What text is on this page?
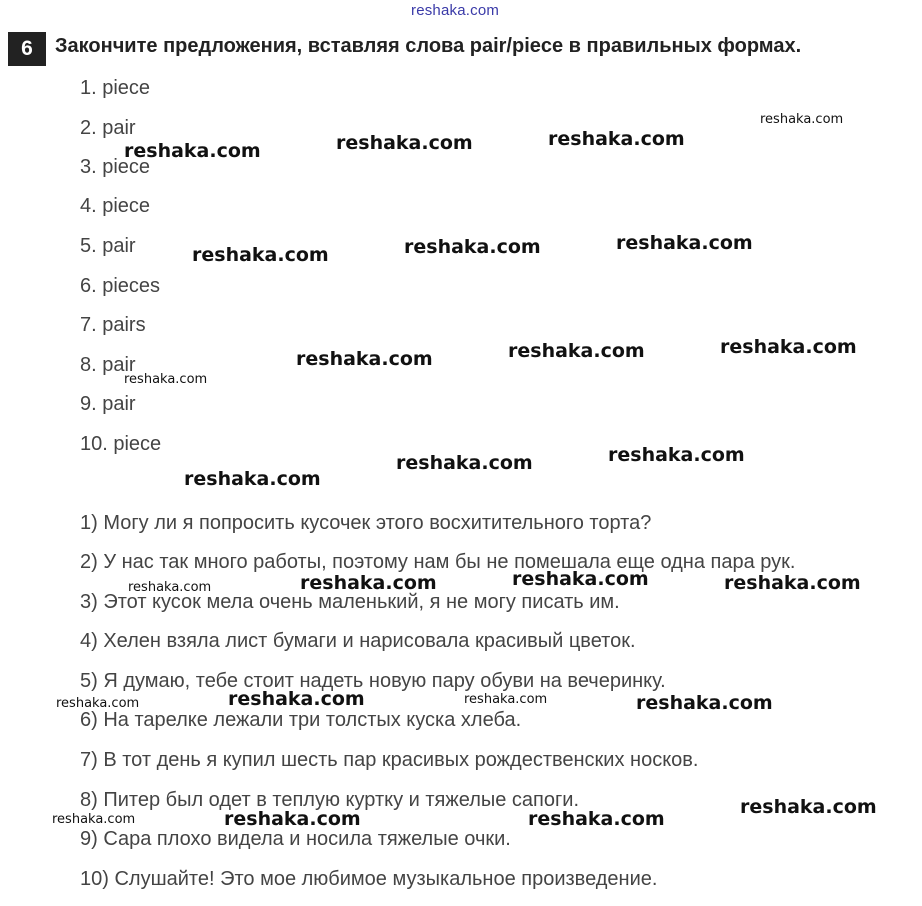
reshaka.com
6	Закончите предложения, вставляя слова pair/piece в правильных формах.
1. piece
2. pair
3. piece
4. piece
5. pair
6. pieces
7. pairs
8. pair
9. pair
10. piece
1) Могу ли я попросить кусочек этого восхитительного торта?
2) У нас так много работы, поэтому нам бы не помешала еще одна пара рук.
3) Этот кусок мела очень маленький, я не могу писать им.
4) Хелен взяла лист бумаги и нарисовала красивый цветок.
5) Я думаю, тебе стоит надеть новую пару обуви на вечеринку.
6) На тарелке лежали три толстых куска хлеба.
7) В тот день я купил шесть пар красивых рождественских носков.
8) Питер был одет в теплую куртку и тяжелые сапоги.
9) Сара плохо видела и носила тяжелые очки.
10) Слушайте! Это мое любимое музыкальное произведение.
reshaka.com
reshaka.com	reshaka.com	reshaka.com
reshaka.com	reshaka.com	reshaka.com
reshaka.com	reshaka.com	reshaka.com
reshaka.com
reshaka.com
reshaka.com	reshaka.com
reshaka.com	reshaka.com	reshaka.com	reshaka.com
reshaka.com	reshaka.com	reshaka.com	reshaka.com
reshaka.com	reshaka.com	reshaka.com
reshaka.com
